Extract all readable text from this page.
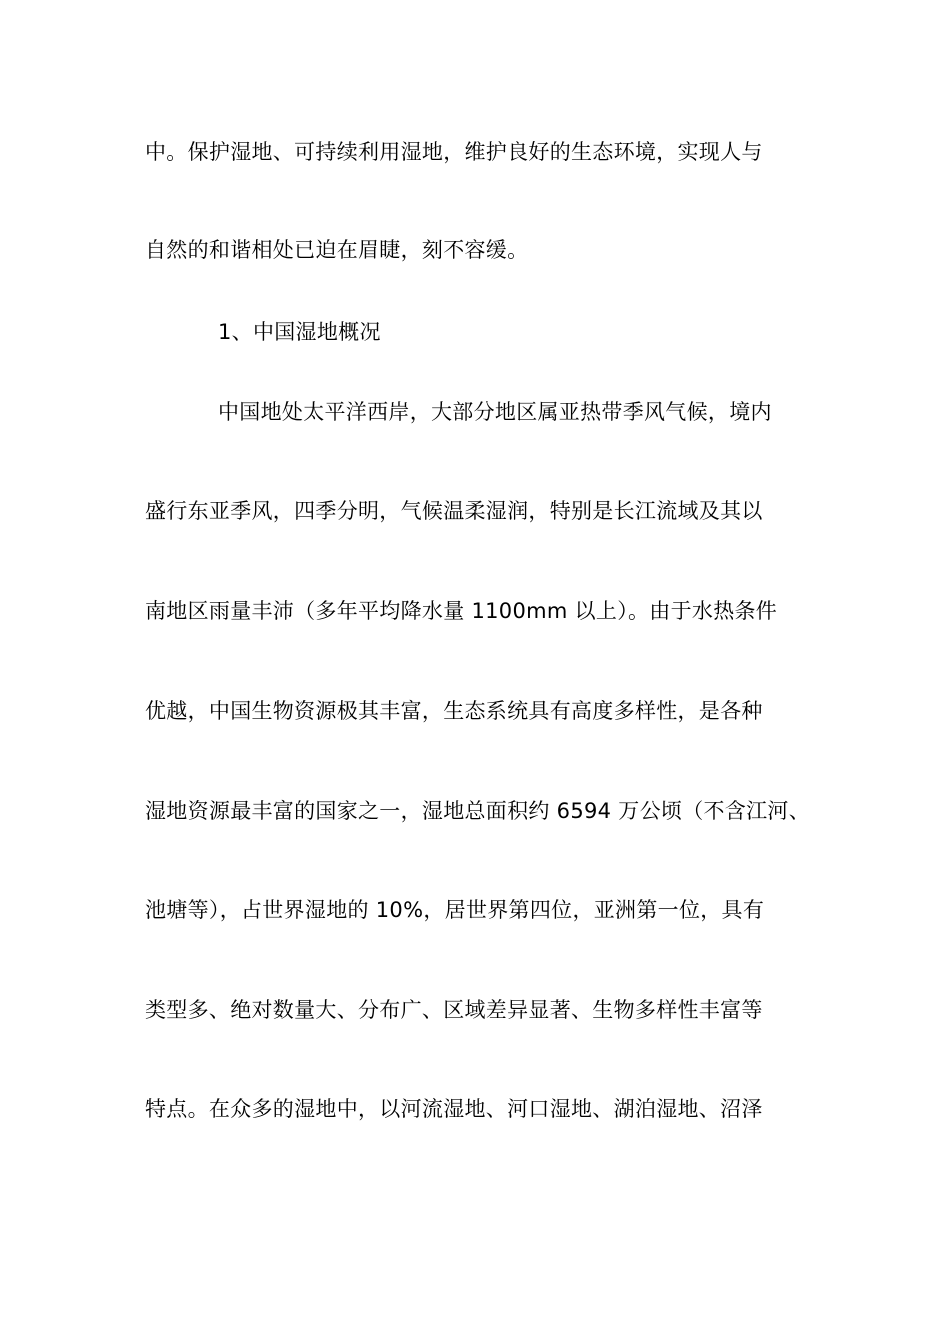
中。保护湿地、可持续利用湿地，维护良好的生态环境，实现人与
自然的和谐相处已迫在眉睫，刻不容缓。
1、中国湿地概况
中国地处太平洋西岸，大部分地区属亚热带季风气候，境内
盛行东亚季风，四季分明，气候温柔湿润，特别是长江流域及其以
南地区雨量丰沛（多年平均降水量 1100mm 以上）。由于水热条件
优越，中国生物资源极其丰富，生态系统具有高度多样性，是各种
湿地资源最丰富的国家之一，湿地总面积约 6594 万公顷（不含江河、
池塘等），占世界湿地的 10%，居世界第四位，亚洲第一位，具有
类型多、绝对数量大、分布广、区域差异显著、生物多样性丰富等
特点。在众多的湿地中，以河流湿地、河口湿地、湖泊湿地、沼泽
